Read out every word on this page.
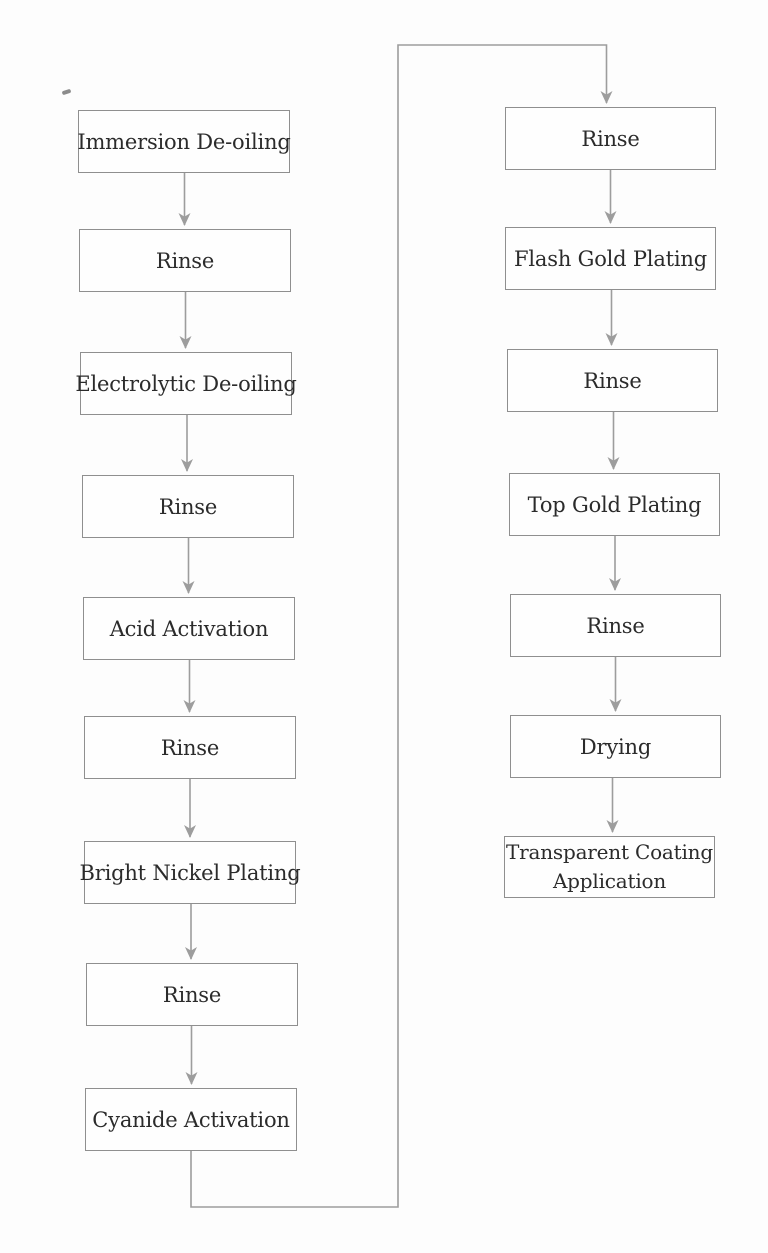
Immersion De-oiling
Rinse
Electrolytic De-oiling
Rinse
Acid Activation
Rinse
Bright Nickel Plating
Rinse
Cyanide Activation
Rinse
Flash Gold Plating
Rinse
Top Gold Plating
Rinse
Drying
Transparent Coating Application
